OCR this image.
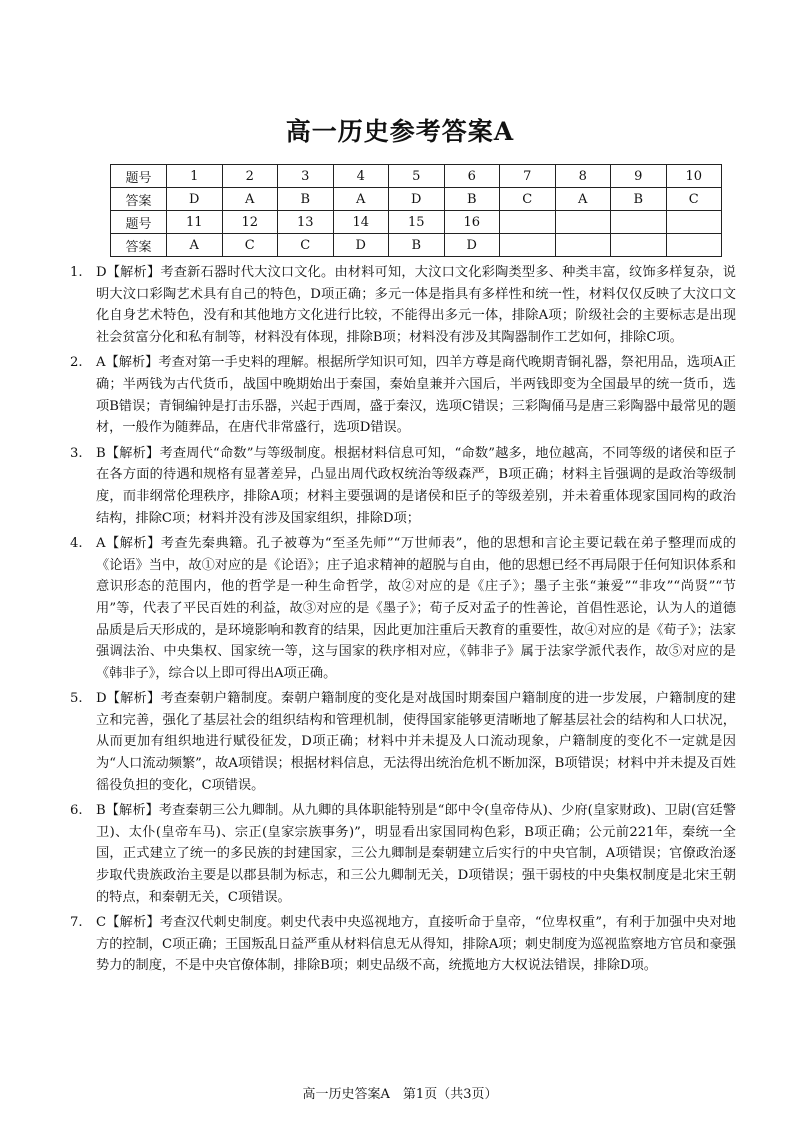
高一历史参考答案A
题号	1	2	3	4	5	6	7	8	9	10
答案	D	A	B	A	D	B	C	A	B	C
题号	11	12	13	14	15	16				
答案	A	C	C	D	B	D				
1.	D【解析】考查新石器时代大汶口文化。由材料可知，大汶口文化彩陶类型多、种类丰富，纹饰多样复杂，说明大汶口彩陶艺术具有自己的特色，D项正确；多元一体是指具有多样性和统一性，材料仅仅反映了大汶口文化自身艺术特色，没有和其他地方文化进行比较，不能得出多元一体，排除A项；阶级社会的主要标志是出现社会贫富分化和私有制等，材料没有体现，排除B项；材料没有涉及其陶器制作工艺如何，排除C项。
2.	A【解析】考查对第一手史料的理解。根据所学知识可知，四羊方尊是商代晚期青铜礼器，祭祀用品，选项A正确；半两钱为古代货币，战国中晚期始出于秦国，秦始皇兼并六国后，半两钱即变为全国最早的统一货币，选项B错误；青铜编钟是打击乐器，兴起于西周，盛于秦汉，选项C错误；三彩陶俑马是唐三彩陶器中最常见的题材，一般作为随葬品，在唐代非常盛行，选项D错误。
3.	B【解析】考查周代“命数”与等级制度。根据材料信息可知，“命数”越多，地位越高，不同等级的诸侯和臣子在各方面的待遇和规格有显著差异，凸显出周代政权统治等级森严，B项正确；材料主旨强调的是政治等级制度，而非纲常伦理秩序，排除A项；材料主要强调的是诸侯和臣子的等级差别，并未着重体现家国同构的政治结构，排除C项；材料并没有涉及国家组织，排除D项；
4.	A【解析】考查先秦典籍。孔子被尊为“至圣先师”“万世师表”，他的思想和言论主要记载在弟子整理而成的《论语》当中，故①对应的是《论语》；庄子追求精神的超脱与自由，他的思想已经不再局限于任何知识体系和意识形态的范围内，他的哲学是一种生命哲学，故②对应的是《庄子》；墨子主张“兼爱”“非攻”“尚贤”“节用”等，代表了平民百姓的利益，故③对应的是《墨子》；荀子反对孟子的性善论，首倡性恶论，认为人的道德品质是后天形成的，是环境影响和教育的结果，因此更加注重后天教育的重要性，故④对应的是《荀子》；法家强调法治、中央集权、国家统一等，这与国家的秩序相对应，《韩非子》属于法家学派代表作，故⑤对应的是《韩非子》，综合以上即可得出A项正确。
5.	D【解析】考查秦朝户籍制度。秦朝户籍制度的变化是对战国时期秦国户籍制度的进一步发展，户籍制度的建立和完善，强化了基层社会的组织结构和管理机制，使得国家能够更清晰地了解基层社会的结构和人口状况，从而更加有组织地进行赋役征发，D项正确；材料中并未提及人口流动现象，户籍制度的变化不一定就是因为“人口流动频繁”，故A项错误；根据材料信息，无法得出统治危机不断加深，B项错误；材料中并未提及百姓徭役负担的变化，C项错误。
6.	B【解析】考查秦朝三公九卿制。从九卿的具体职能特别是“郎中令(皇帝侍从)、少府(皇家财政)、卫尉(宫廷警卫)、太仆(皇帝车马)、宗正(皇家宗族事务)”，明显看出家国同构色彩，B项正确；公元前221年，秦统一全国，正式建立了统一的多民族的封建国家，三公九卿制是秦朝建立后实行的中央官制，A项错误；官僚政治逐步取代贵族政治主要是以郡县制为标志，和三公九卿制无关，D项错误；强干弱枝的中央集权制度是北宋王朝的特点，和秦朝无关，C项错误。
7.	C【解析】考查汉代刺史制度。刺史代表中央巡视地方，直接听命于皇帝，“位卑权重”，有利于加强中央对地方的控制，C项正确；王国叛乱日益严重从材料信息无从得知，排除A项；刺史制度为巡视监察地方官员和豪强势力的制度，不是中央官僚体制，排除B项；刺史品级不高，统揽地方大权说法错误，排除D项。
高一历史答案A　第1页（共3页）
